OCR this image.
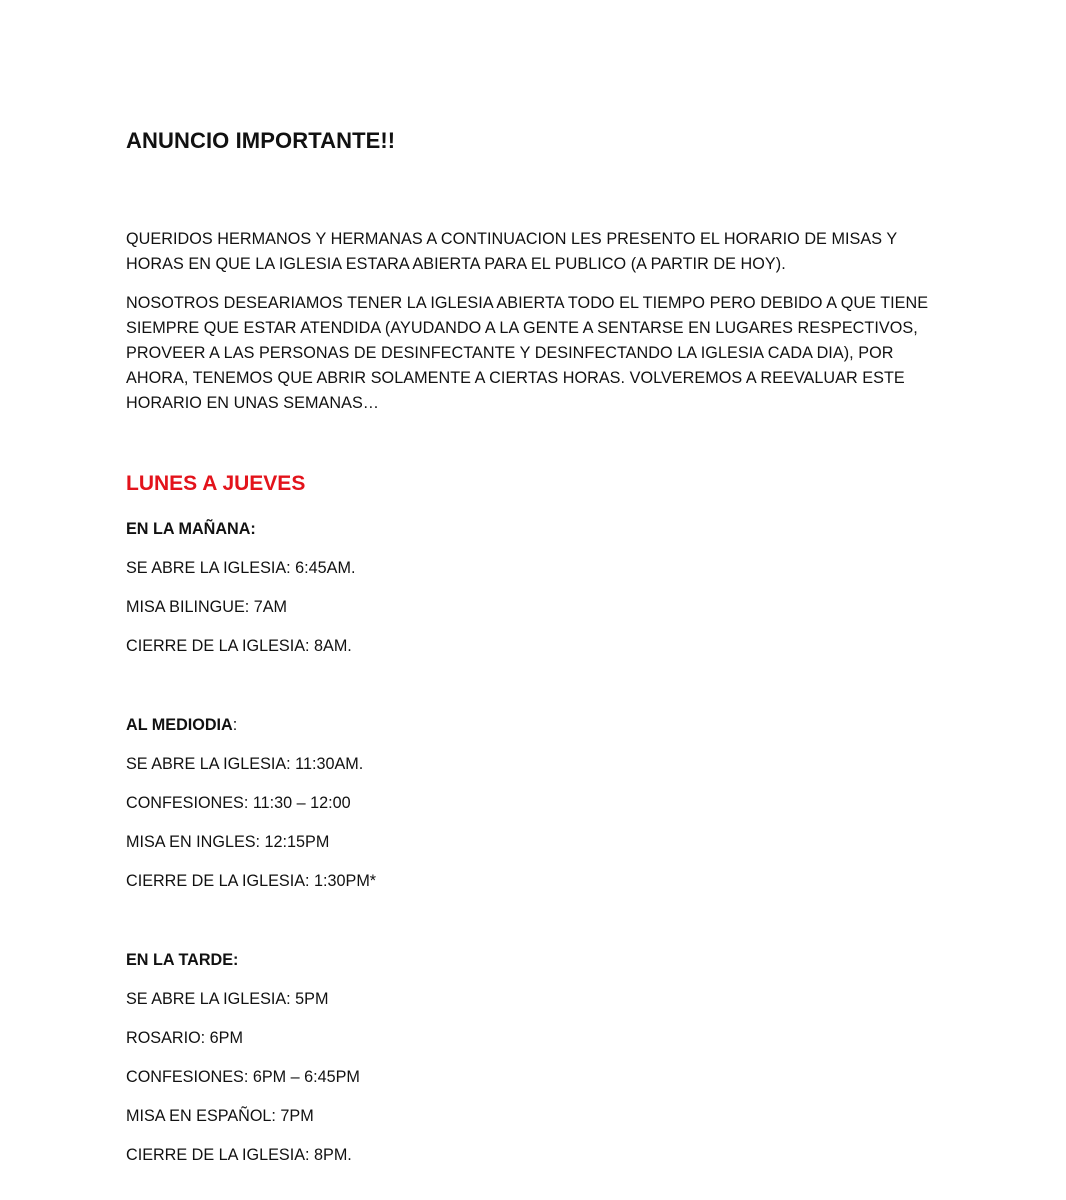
ANUNCIO IMPORTANTE!!

QUERIDOS HERMANOS Y HERMANAS A CONTINUACION LES PRESENTO EL HORARIO DE MISAS Y HORAS EN QUE LA IGLESIA ESTARA ABIERTA PARA EL PUBLICO (A PARTIR DE HOY).

NOSOTROS DESEARIAMOS TENER LA IGLESIA ABIERTA TODO EL TIEMPO PERO DEBIDO A QUE TIENE SIEMPRE QUE ESTAR ATENDIDA (AYUDANDO A LA GENTE A SENTARSE EN LUGARES RESPECTIVOS, PROVEER A LAS PERSONAS DE DESINFECTANTE Y DESINFECTANDO LA IGLESIA CADA DIA), POR AHORA, TENEMOS QUE ABRIR SOLAMENTE A CIERTAS HORAS. VOLVEREMOS A REEVALUAR ESTE HORARIO EN UNAS SEMANAS…

LUNES A JUEVES

EN LA MAÑANA:

SE ABRE LA IGLESIA: 6:45AM.

MISA BILINGUE: 7AM

CIERRE DE LA IGLESIA: 8AM.

AL MEDIODIA:

SE ABRE LA IGLESIA: 11:30AM.

CONFESIONES: 11:30 – 12:00

MISA EN INGLES: 12:15PM

CIERRE DE LA IGLESIA: 1:30PM*

EN LA TARDE:

SE ABRE LA IGLESIA: 5PM

ROSARIO: 6PM

CONFESIONES: 6PM – 6:45PM

MISA EN ESPAÑOL: 7PM

CIERRE DE LA IGLESIA: 8PM.
